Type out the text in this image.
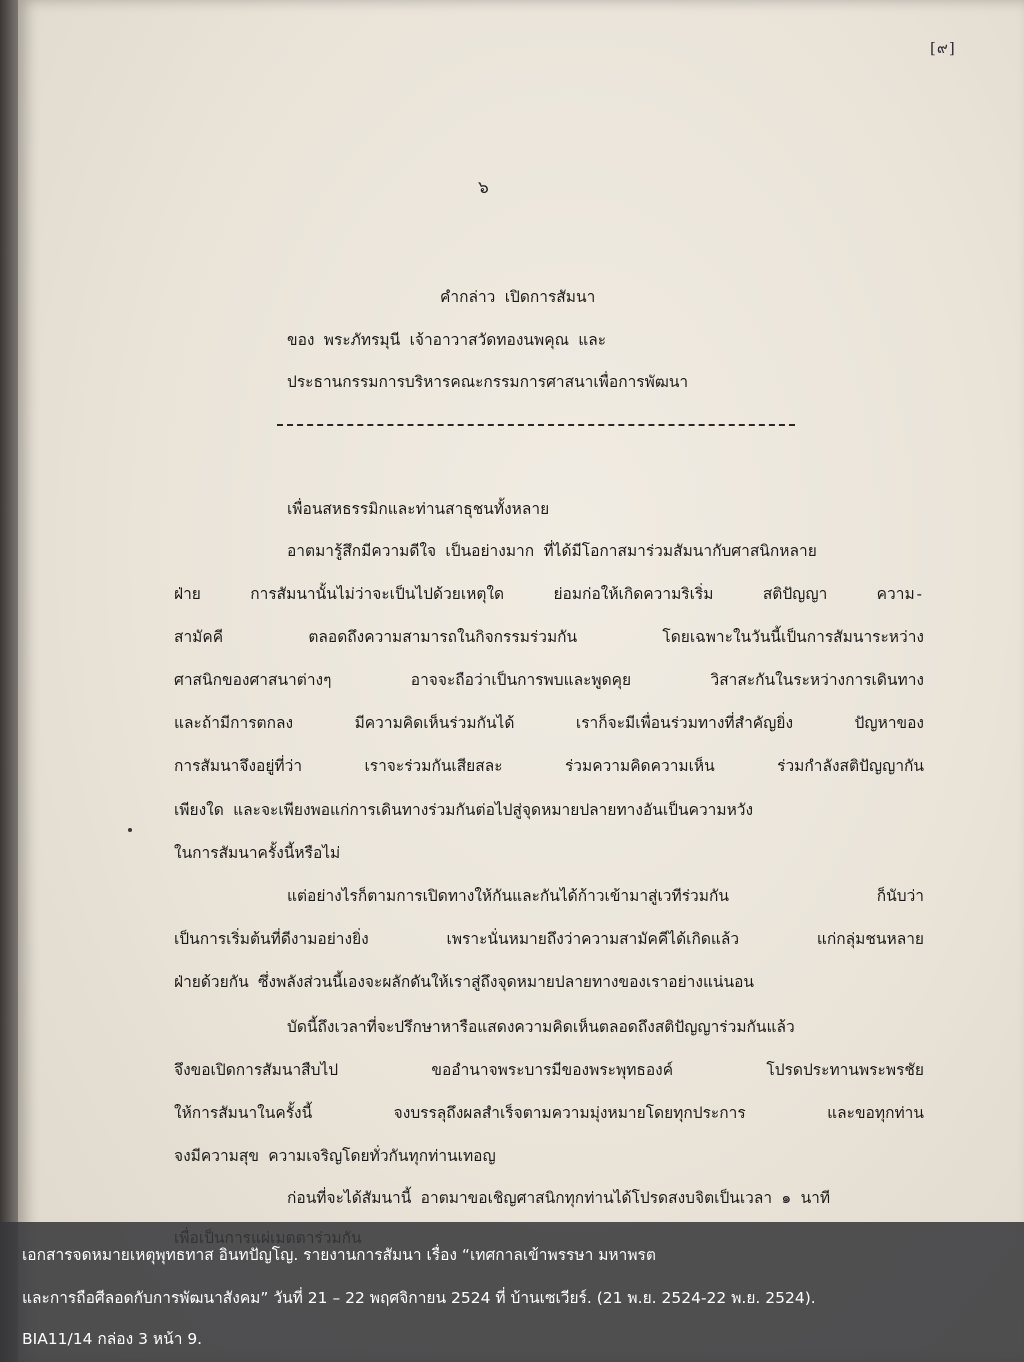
[๙]
๖
คำกล่าว เปิดการสัมนา
ของ พระภัทรมุนี เจ้าอาวาสวัดทองนพคุณ และ
ประธานกรรมการบริหารคณะกรรมการศาสนาเพื่อการพัฒนา
เพื่อนสหธรรมิกและท่านสาธุชนทั้งหลาย
อาตมารู้สึกมีความดีใจ เป็นอย่างมาก ที่ได้มีโอกาสมาร่วมสัมนากับศาสนิกหลาย
ฝ่าย การสัมนานั้นไม่ว่าจะเป็นไปด้วยเหตุใด ย่อมก่อให้เกิดความริเริ่ม สติปัญญา ความ-
สามัคคี ตลอดถึงความสามารถในกิจกรรมร่วมกัน โดยเฉพาะในวันนี้เป็นการสัมนาระหว่าง
ศาสนิกของศาสนาต่างๆ อาจจะถือว่าเป็นการพบและพูดคุย วิสาสะกันในระหว่างการเดินทาง
และถ้ามีการตกลง มีความคิดเห็นร่วมกันได้ เราก็จะมีเพื่อนร่วมทางที่สำคัญยิ่ง ปัญหาของ
การสัมนาจึงอยู่ที่ว่า เราจะร่วมกันเสียสละ ร่วมความคิดความเห็น ร่วมกำลังสติปัญญากัน
เพียงใด และจะเพียงพอแก่การเดินทางร่วมกันต่อไปสู่จุดหมายปลายทางอันเป็นความหวัง
ในการสัมนาครั้งนี้หรือไม่
แต่อย่างไรก็ตามการเปิดทางให้กันและกันได้ก้าวเข้ามาสู่เวทีร่วมกัน ก็นับว่า
เป็นการเริ่มต้นที่ดีงามอย่างยิ่ง เพราะนั่นหมายถึงว่าความสามัคคีได้เกิดแล้ว แก่กลุ่มชนหลาย
ฝ่ายด้วยกัน ซึ่งพลังส่วนนี้เองจะผลักดันให้เราสู่ถึงจุดหมายปลายทางของเราอย่างแน่นอน
บัดนี้ถึงเวลาที่จะปรึกษาหารือแสดงความคิดเห็นตลอดถึงสติปัญญาร่วมกันแล้ว
จึงขอเปิดการสัมนาสืบไป ขออำนาจพระบารมีของพระพุทธองค์ โปรดประทานพระพรชัย
ให้การสัมนาในครั้งนี้ จงบรรลุถึงผลสำเร็จตามความมุ่งหมายโดยทุกประการ และขอทุกท่าน
จงมีความสุข ความเจริญโดยทั่วกันทุกท่านเทอญ
ก่อนที่จะได้สัมนานี้ อาตมาขอเชิญศาสนิกทุกท่านได้โปรดสงบจิตเป็นเวลา ๑ นาที
เอกสารจดหมายเหตุพุทธทาส อินทปัญโญ. รายงานการสัมนา เรื่อง “เทศกาลเข้าพรรษา มหาพรต
และการถือศีลอดกับการพัฒนาสังคม” วันที่ 21 – 22 พฤศจิกายน 2524 ที่ บ้านเซเวียร์. (21 พ.ย. 2524-22 พ.ย. 2524).
BIA11/14 กล่อง 3 หน้า 9.
